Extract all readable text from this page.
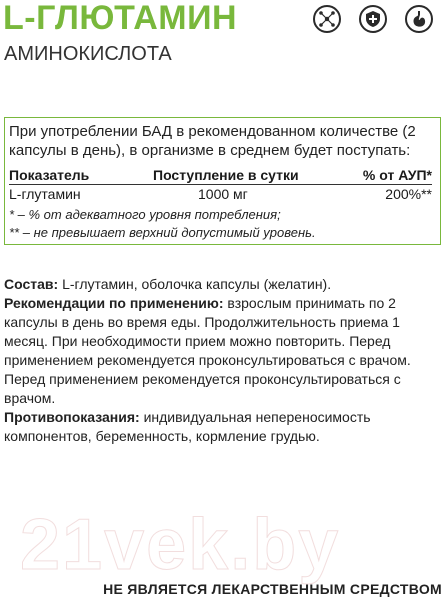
L-ГЛЮТАМИН
АМИНОКИСЛОТА
При употреблении БАД в рекомендованном количестве (2 капсулы в день), в организме в среднем будет поступать:
Показатель	Поступление в сутки	% от АУП*
L-глутамин	1000 мг	200%**
* – % от адекватного уровня потребления;
** – не превышает верхний допустимый уровень.

Состав: L-глутамин, оболочка капсулы (желатин).

Рекомендации по применению: взрослым принимать по 2 капсулы в день во время еды. Продолжительность приема 1 месяц. При необходимости прием можно повторить. Перед применением рекомендуется проконсультироваться с врачом.

Перед применением рекомендуется проконсультироваться с врачом.

Противопоказания: индивидуальная непереносимость компонентов, беременность, кормление грудью.

21vek.by
НЕ ЯВЛЯЕТСЯ ЛЕКАРСТВЕННЫМ СРЕДСТВОМ
